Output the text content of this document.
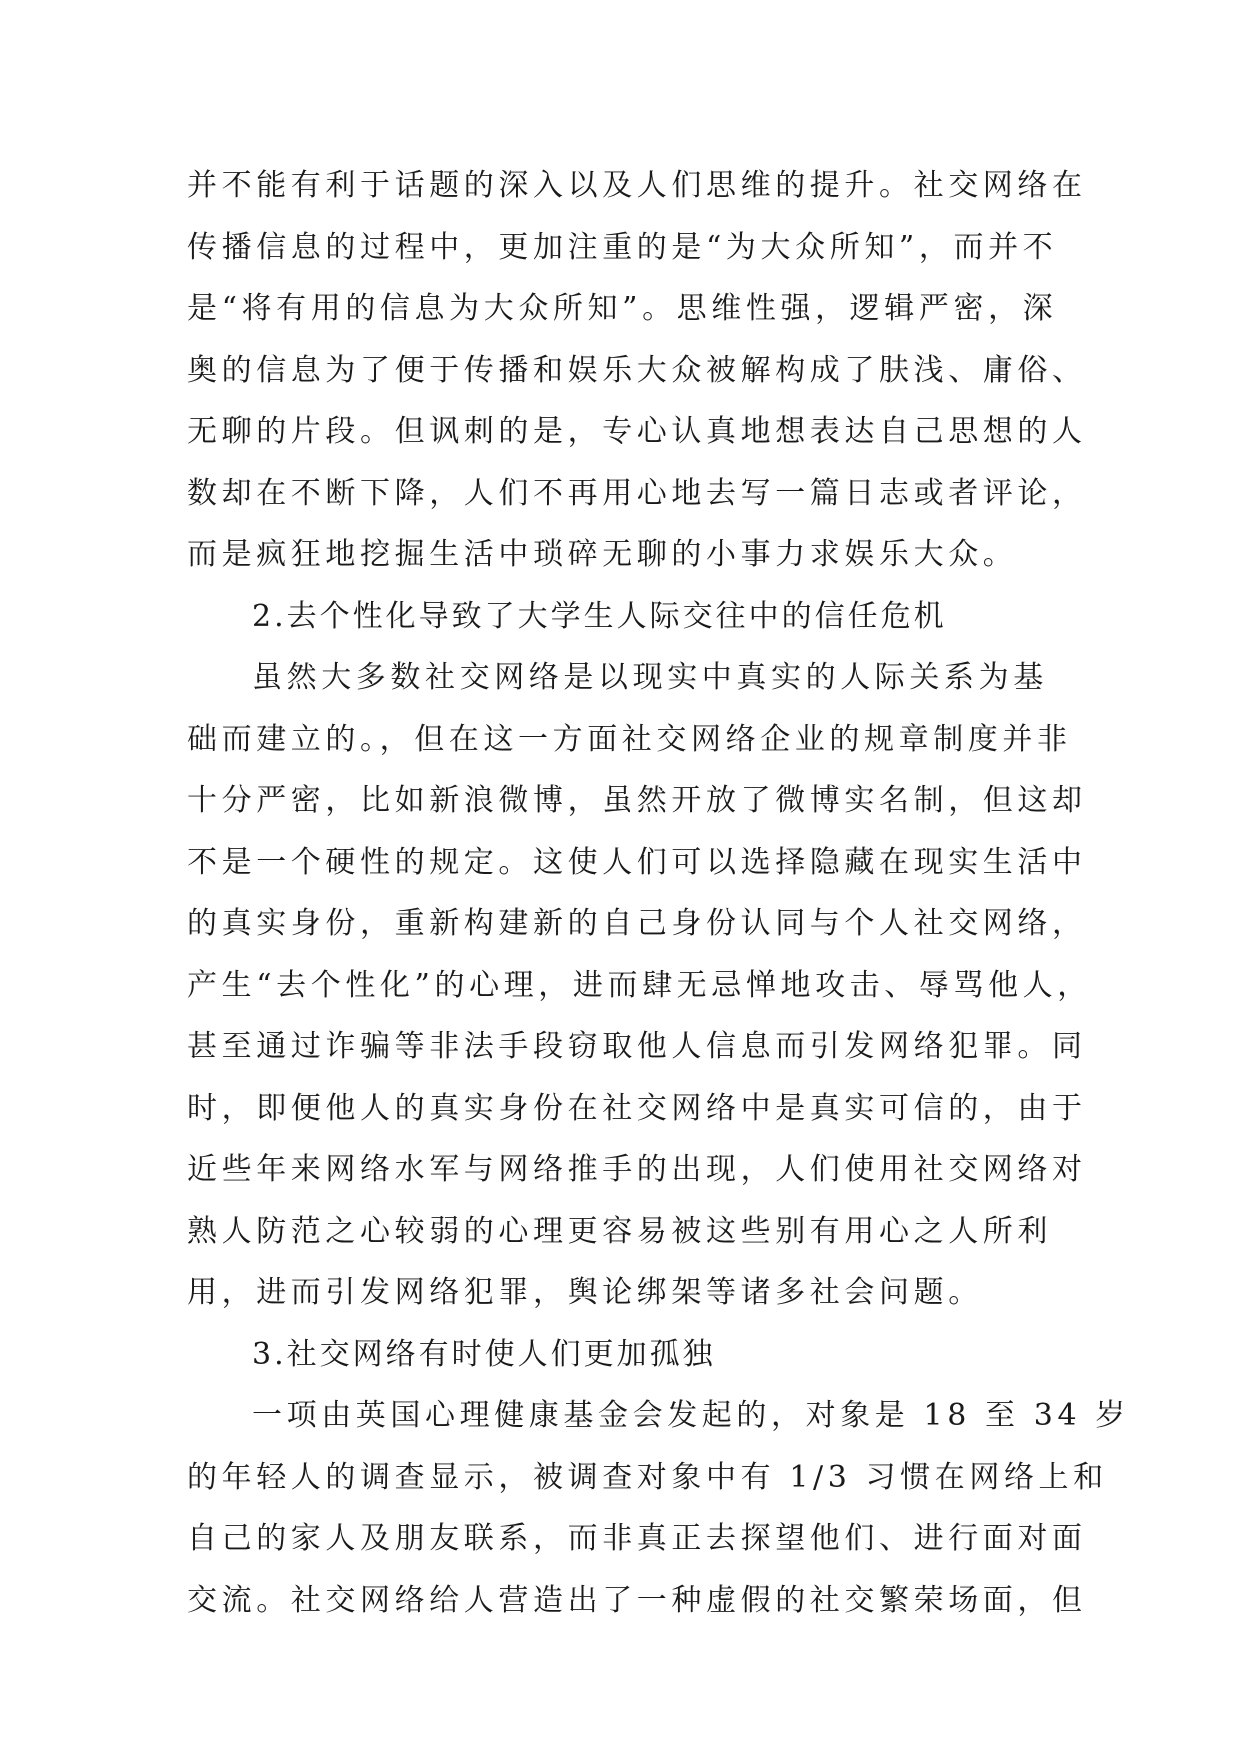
并不能有利于话题的深入以及人们思维的提升。社交网络在
传播信息的过程中，更加注重的是“为大众所知”，而并不
是“将有用的信息为大众所知”。思维性强，逻辑严密，深
奥的信息为了便于传播和娱乐大众被解构成了肤浅、庸俗、
无聊的片段。但讽刺的是，专心认真地想表达自己思想的人
数却在不断下降，人们不再用心地去写一篇日志或者评论，
而是疯狂地挖掘生活中琐碎无聊的小事力求娱乐大众。
2.去个性化导致了大学生人际交往中的信任危机
虽然大多数社交网络是以现实中真实的人际关系为基
础而建立的。，但在这一方面社交网络企业的规章制度并非
十分严密，比如新浪微博，虽然开放了微博实名制，但这却
不是一个硬性的规定。这使人们可以选择隐藏在现实生活中
的真实身份，重新构建新的自己身份认同与个人社交网络，
产生“去个性化”的心理，进而肆无忌惮地攻击、辱骂他人，
甚至通过诈骗等非法手段窃取他人信息而引发网络犯罪。同
时，即便他人的真实身份在社交网络中是真实可信的，由于
近些年来网络水军与网络推手的出现，人们使用社交网络对
熟人防范之心较弱的心理更容易被这些别有用心之人所利
用，进而引发网络犯罪，舆论绑架等诸多社会问题。
3.社交网络有时使人们更加孤独
一项由英国心理健康基金会发起的，对象是 18 至 34 岁
的年轻人的调查显示，被调查对象中有 1/3 习惯在网络上和
自己的家人及朋友联系，而非真正去探望他们、进行面对面
交流。社交网络给人营造出了一种虚假的社交繁荣场面，但
